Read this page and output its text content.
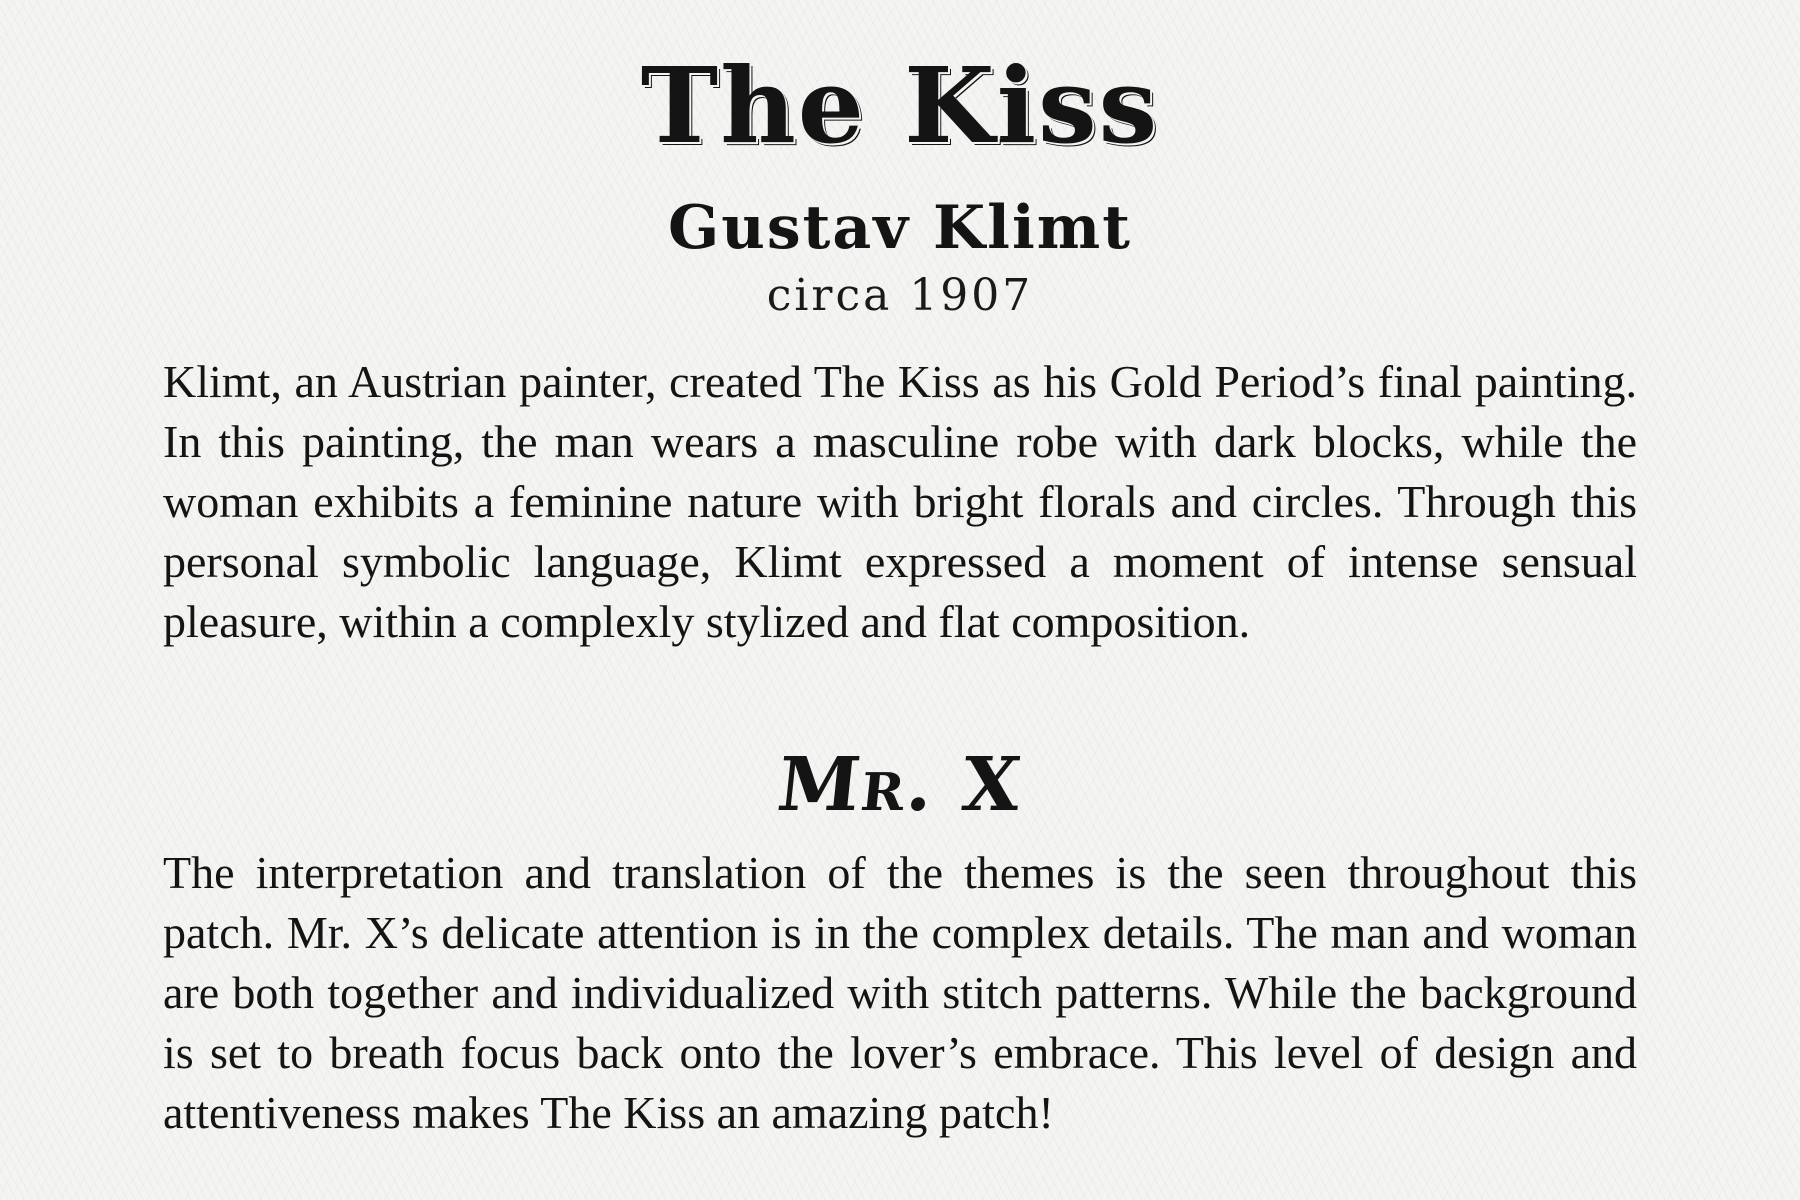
The Kiss
Gustav Klimt
circa 1907

Klimt, an Austrian painter, created The Kiss as his Gold Period’s final painting. In this painting, the man wears a masculine robe with dark blocks, while the woman exhibits a feminine nature with bright florals and circles. Through this personal symbolic language, Klimt expressed a moment of intense sensual pleasure, within a complexly stylized and flat composition.

Mr. X

The interpretation and translation of the themes is the seen throughout this patch. Mr. X’s delicate attention is in the complex details. The man and woman are both together and individualized with stitch patterns. While the background is set to breath focus back onto the lover’s embrace. This level of design and attentiveness makes The Kiss an amazing patch!
